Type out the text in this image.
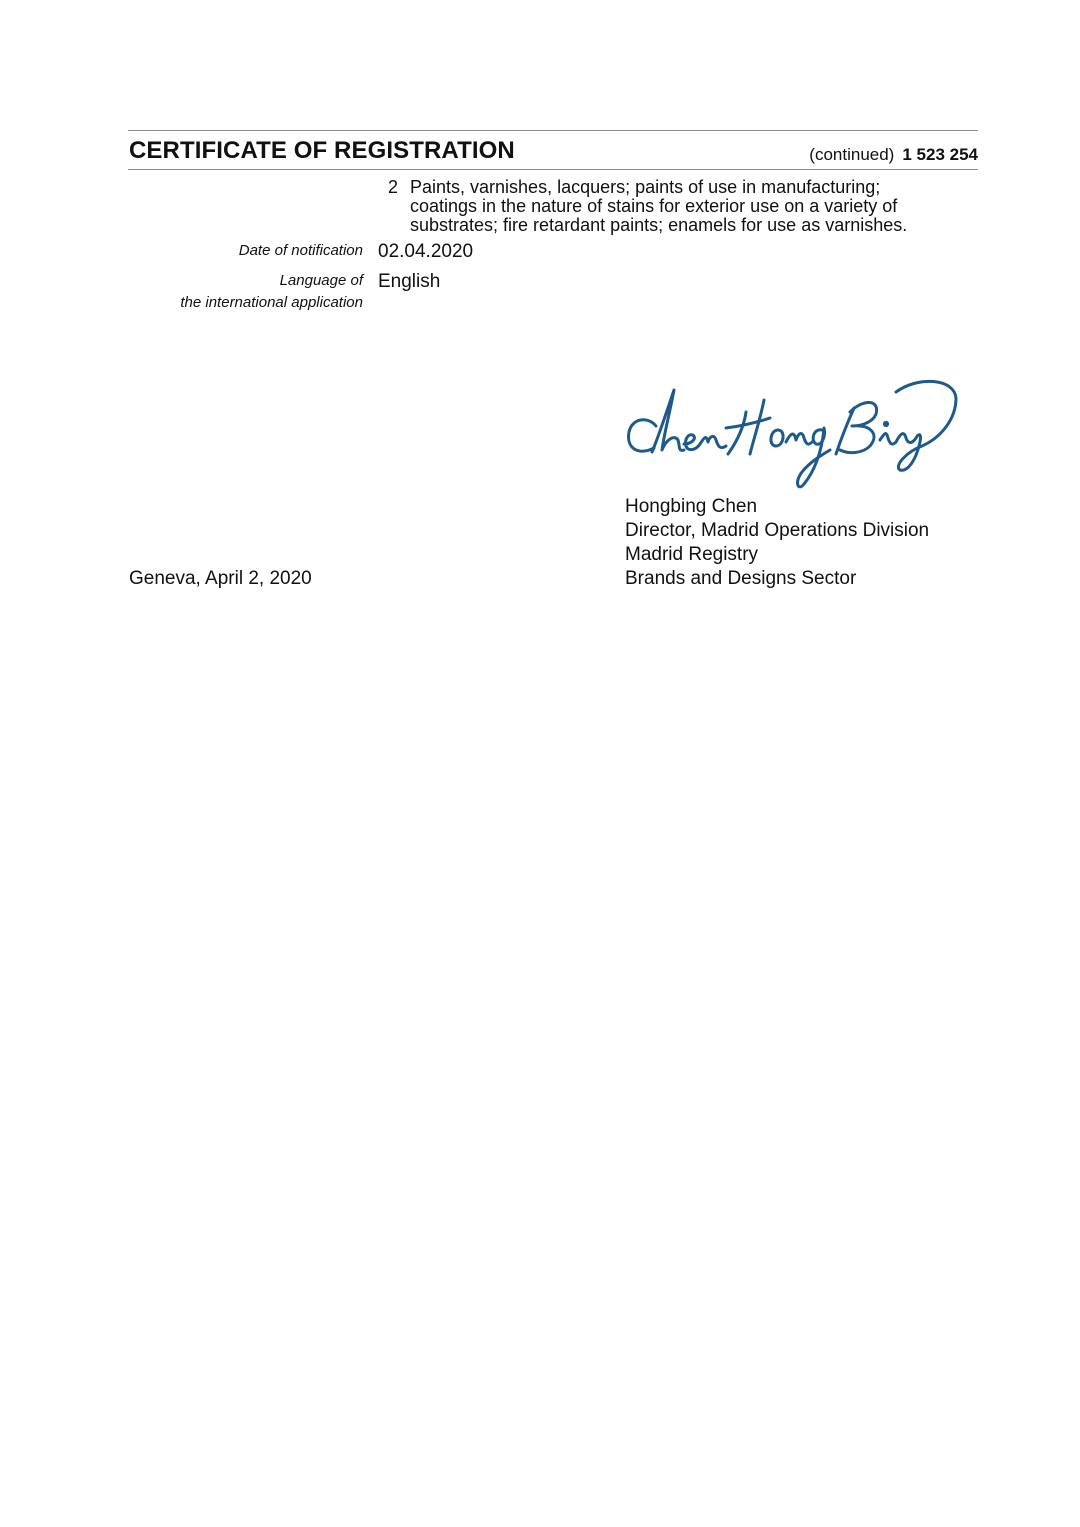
CERTIFICATE OF REGISTRATION	(continued) 1 523 254
2 Paints, varnishes, lacquers; paints of use in manufacturing;
coatings in the nature of stains for exterior use on a variety of
substrates; fire retardant paints; enamels for use as varnishes.
Date of notification 02.04.2020
Language of
the international application
English
Hongbing Chen
Director, Madrid Operations Division
Madrid Registry
Brands and Designs Sector
Geneva, April 2, 2020
